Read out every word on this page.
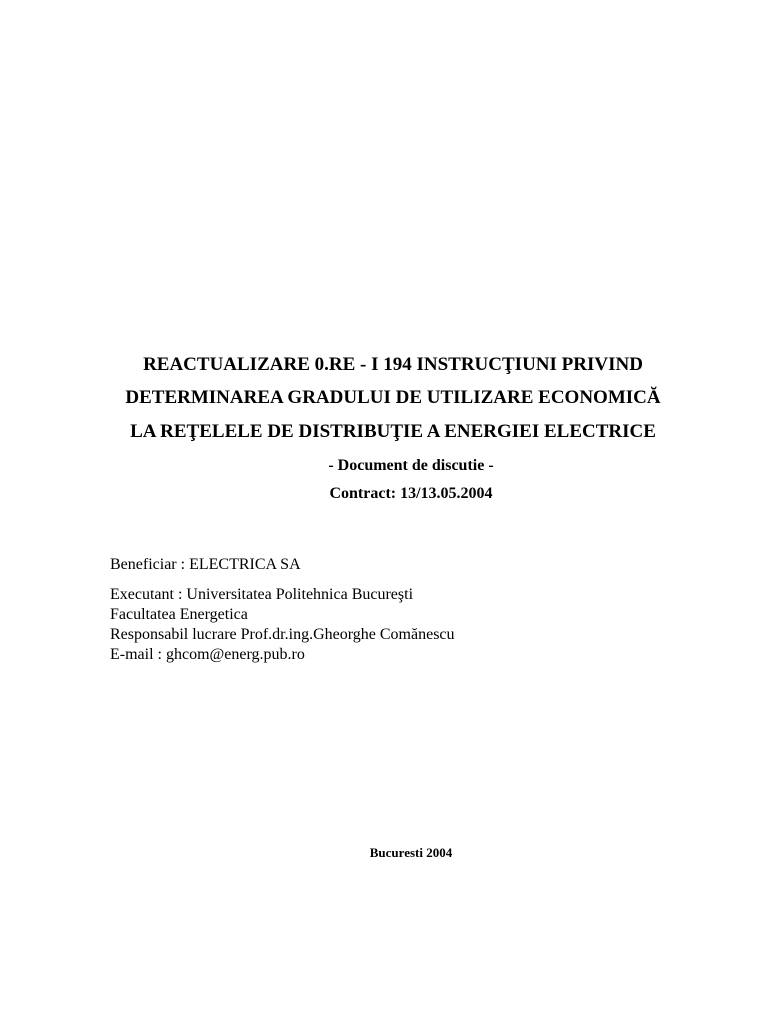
REACTUALIZARE 0.RE - I 194 INSTRUCŢIUNI PRIVIND
DETERMINAREA GRADULUI DE UTILIZARE ECONOMICĂ
LA REŢELELE DE DISTRIBUŢIE A ENERGIEI ELECTRICE
- Document de discutie -
Contract: 13/13.05.2004
Beneficiar : ELECTRICA SA
Executant : Universitatea Politehnica Bucureşti
Facultatea Energetica
Responsabil lucrare Prof.dr.ing.Gheorghe Comănescu
E-mail : ghcom@energ.pub.ro
Bucuresti 2004
